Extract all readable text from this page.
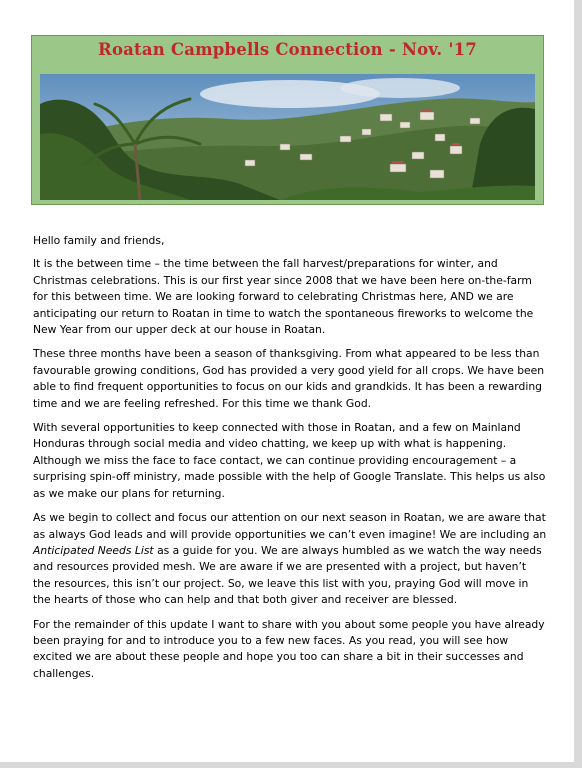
Roatan Campbells Connection - Nov. '17

Hello family and friends,

It is the between time – the time between the fall harvest/preparations for winter, and Christmas celebrations. This is our first year since 2008 that we have been here on-the-farm for this between time. We are looking forward to celebrating Christmas here, AND we are anticipating our return to Roatan in time to watch the spontaneous fireworks to welcome the New Year from our upper deck at our house in Roatan.

These three months have been a season of thanksgiving. From what appeared to be less than favourable growing conditions, God has provided a very good yield for all crops. We have been able to find frequent opportunities to focus on our kids and grandkids. It has been a rewarding time and we are feeling refreshed. For this time we thank God.

With several opportunities to keep connected with those in Roatan, and a few on Mainland Honduras through social media and video chatting, we keep up with what is happening. Although we miss the face to face contact, we can continue providing encouragement – a surprising spin-off ministry, made possible with the help of Google Translate. This helps us also as we make our plans for returning.

As we begin to collect and focus our attention on our next season in Roatan, we are aware that as always God leads and will provide opportunities we can’t even imagine! We are including an Anticipated Needs List as a guide for you. We are always humbled as we watch the way needs and resources provided mesh. We are aware if we are presented with a project, but haven’t the resources, this isn’t our project. So, we leave this list with you, praying God will move in the hearts of those who can help and that both giver and receiver are blessed.

For the remainder of this update I want to share with you about some people you have already been praying for and to introduce you to a few new faces. As you read, you will see how excited we are about these people and hope you too can share a bit in their successes and challenges.
